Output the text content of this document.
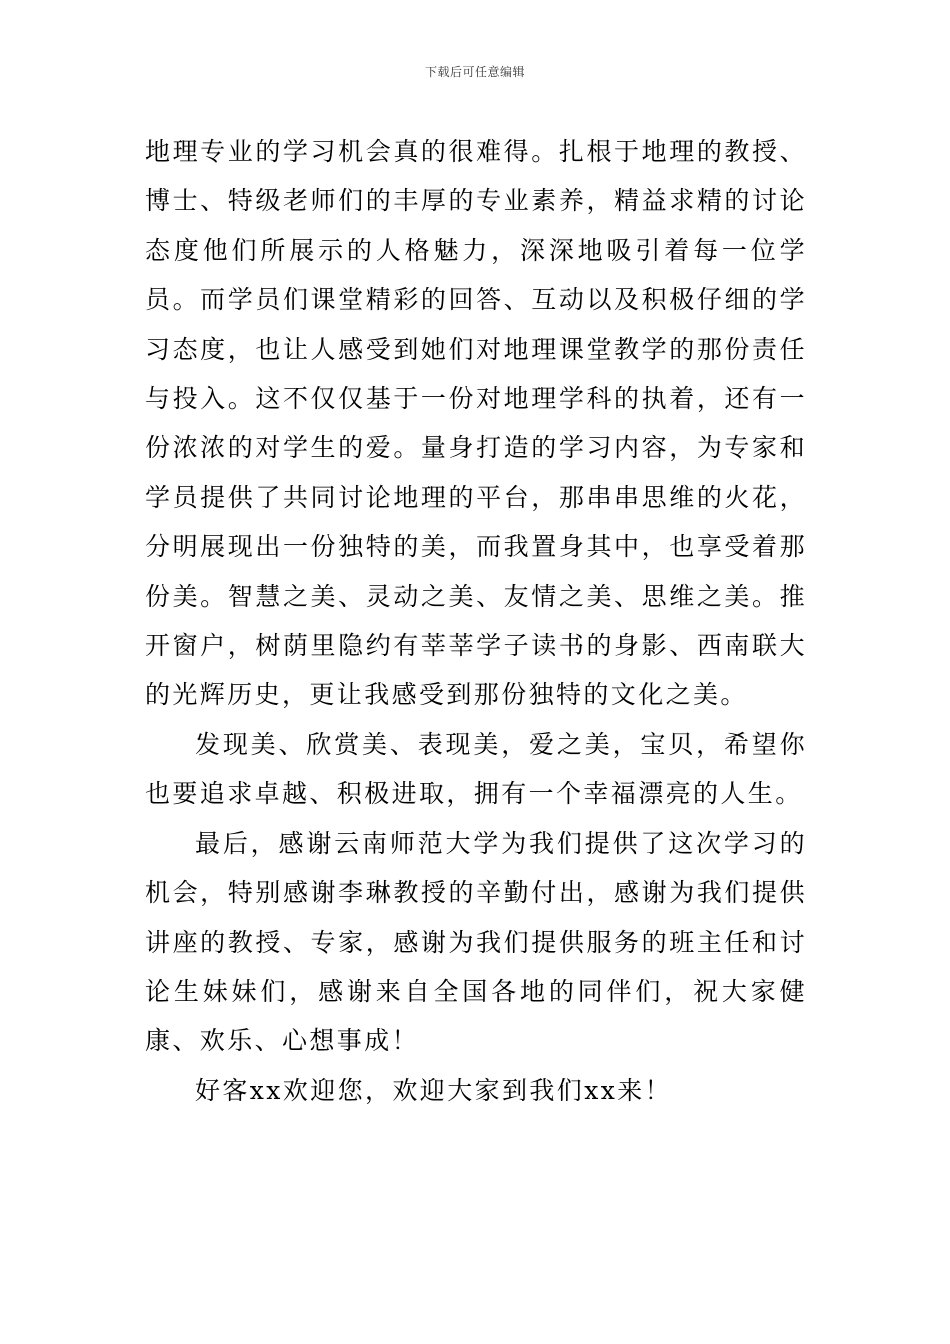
下载后可任意编辑

地理专业的学习机会真的很难得。扎根于地理的教授、博士、特级老师们的丰厚的专业素养，精益求精的讨论态度他们所展示的人格魅力，深深地吸引着每一位学员。而学员们课堂精彩的回答、互动以及积极仔细的学习态度，也让人感受到她们对地理课堂教学的那份责任与投入。这不仅仅基于一份对地理学科的执着，还有一份浓浓的对学生的爱。量身打造的学习内容，为专家和学员提供了共同讨论地理的平台，那串串思维的火花，分明展现出一份独特的美，而我置身其中，也享受着那份美。智慧之美、灵动之美、友情之美、思维之美。推开窗户，树荫里隐约有莘莘学子读书的身影、西南联大的光辉历史，更让我感受到那份独特的文化之美。

发现美、欣赏美、表现美，爱之美，宝贝，希望你也要追求卓越、积极进取，拥有一个幸福漂亮的人生。

最后，感谢云南师范大学为我们提供了这次学习的机会，特别感谢李琳教授的辛勤付出，感谢为我们提供讲座的教授、专家，感谢为我们提供服务的班主任和讨论生妹妹们，感谢来自全国各地的同伴们，祝大家健康、欢乐、心想事成！

好客xx欢迎您，欢迎大家到我们xx来！
